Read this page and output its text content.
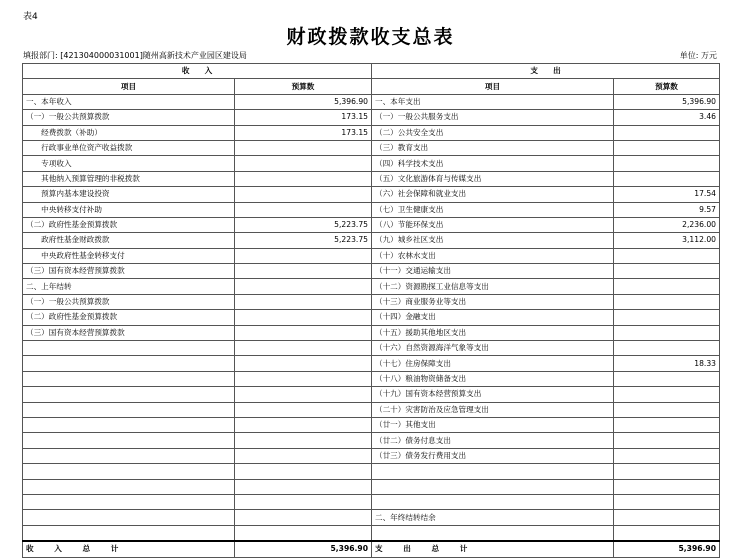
表4
财政拨款收支总表
填报部门: [421304000031001]随州高新技术产业园区建设局	单位: 万元
收　　入		支　　出	
项目	预算数	项目	预算数
一、本年收入	5,396.90	一、本年支出	5,396.90
（一）一般公共预算拨款	173.15	（一）一般公共服务支出	3.46
　　经费拨款（补助）	173.15	（二）公共安全支出	
　　行政事业单位资产收益拨款		（三）教育支出	
　　专项收入		（四）科学技术支出	
　　其他纳入预算管理的非税拨款		（五）文化旅游体育与传媒支出	
　　预算内基本建设投资		（六）社会保障和就业支出	17.54
　　中央转移支付补助		（七）卫生健康支出	9.57
（二）政府性基金预算拨款	5,223.75	（八）节能环保支出	2,236.00
　　政府性基金财政拨款	5,223.75	（九）城乡社区支出	3,112.00
　　中央政府性基金转移支付		（十）农林水支出	
（三）国有资本经营预算拨款		（十一）交通运输支出	
二、上年结转		（十二）资源勘探工业信息等支出	
（一）一般公共预算拨款		（十三）商业服务业等支出	
（二）政府性基金预算拨款		（十四）金融支出	
（三）国有资本经营预算拨款		（十五）援助其他地区支出	
		（十六）自然资源海洋气象等支出	
		（十七）住房保障支出	18.33
		（十八）粮油物资储备支出	
		（十九）国有资本经营预算支出	
		（二十）灾害防治及应急管理支出	
		（廿一）其他支出	
		（廿二）债务付息支出	
		（廿三）债务发行费用支出	

		二、年终结转结余	

收 入 总 计	5,396.90	支 出 总 计	5,396.90
